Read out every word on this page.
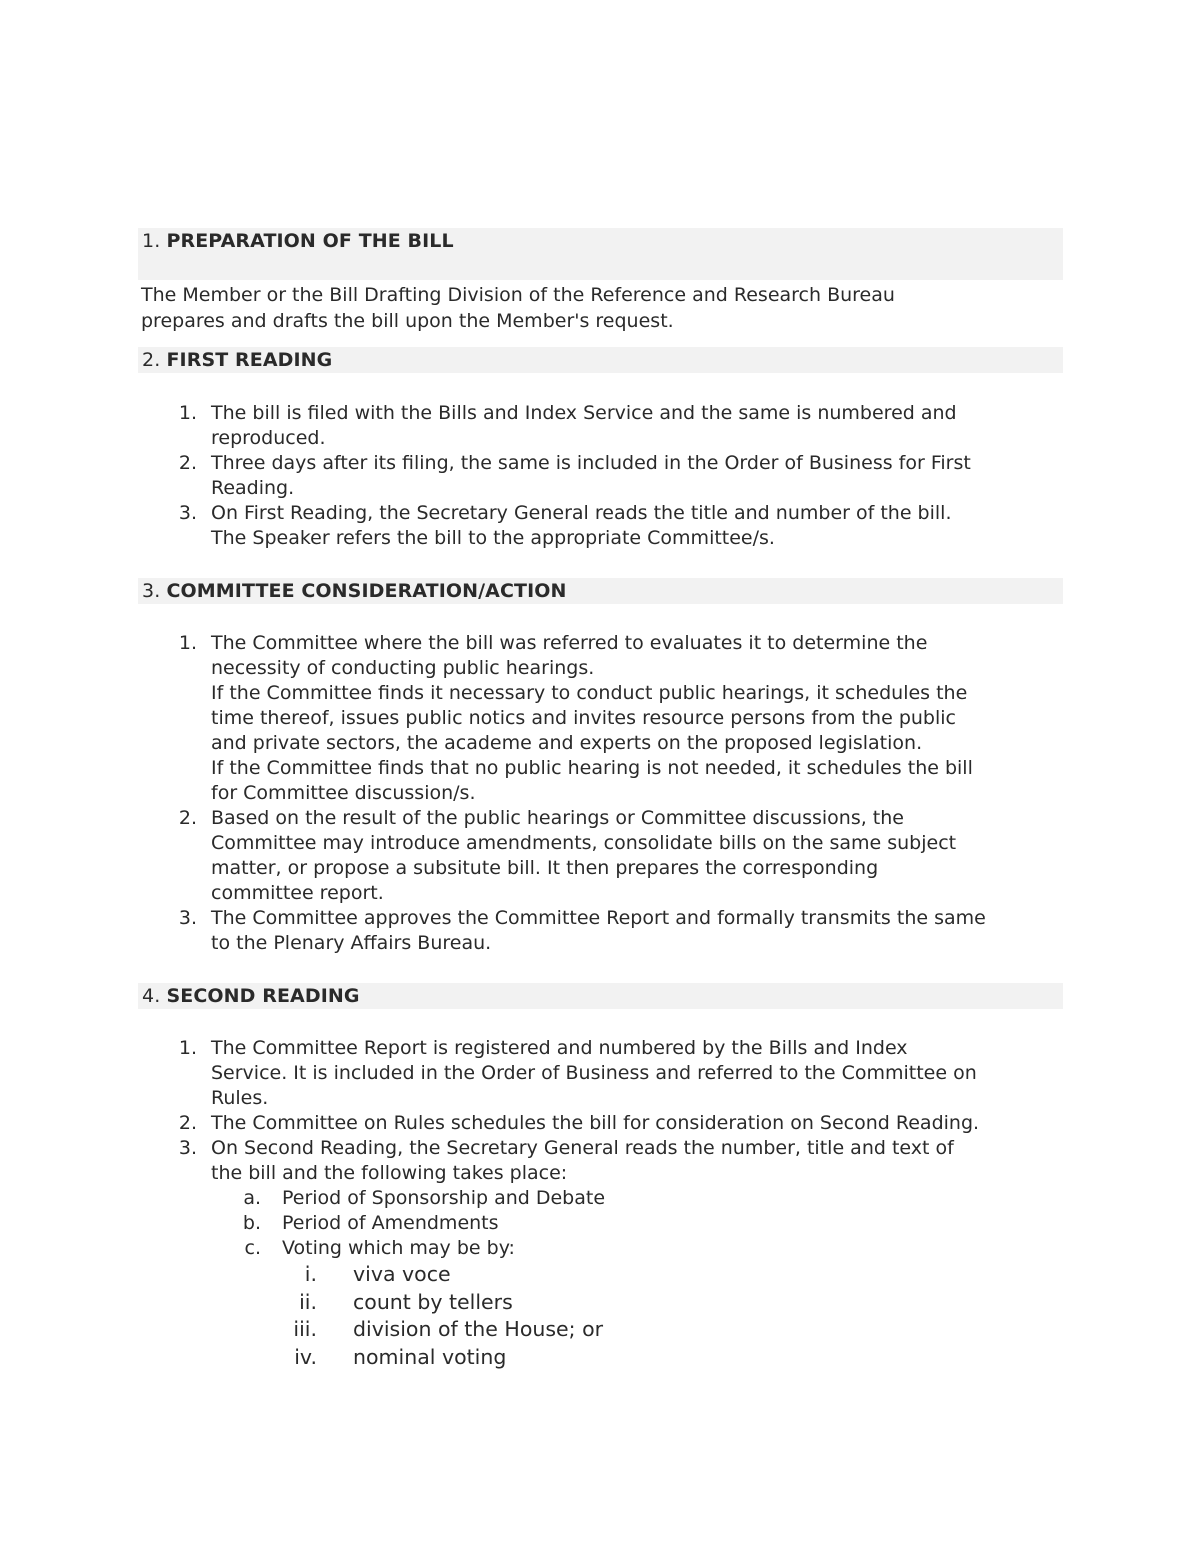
1. PREPARATION OF THE BILL

The Member or the Bill Drafting Division of the Reference and Research Bureau
prepares and drafts the bill upon the Member's request.

2. FIRST READING
1. The bill is filed with the Bills and Index Service and the same is numbered and
reproduced.
2. Three days after its filing, the same is included in the Order of Business for First
Reading.
3. On First Reading, the Secretary General reads the title and number of the bill.
The Speaker refers the bill to the appropriate Committee/s.
3. COMMITTEE CONSIDERATION/ACTION
1. The Committee where the bill was referred to evaluates it to determine the
necessity of conducting public hearings.
If the Committee finds it necessary to conduct public hearings, it schedules the
time thereof, issues public notics and invites resource persons from the public
and private sectors, the academe and experts on the proposed legislation.
If the Committee finds that no public hearing is not needed, it schedules the bill
for Committee discussion/s.
2. Based on the result of the public hearings or Committee discussions, the
Committee may introduce amendments, consolidate bills on the same subject
matter, or propose a subsitute bill. It then prepares the corresponding
committee report.
3. The Committee approves the Committee Report and formally transmits the same
to the Plenary Affairs Bureau.
4. SECOND READING
1. The Committee Report is registered and numbered by the Bills and Index
Service. It is included in the Order of Business and referred to the Committee on
Rules.
2. The Committee on Rules schedules the bill for consideration on Second Reading.
3. On Second Reading, the Secretary General reads the number, title and text of
the bill and the following takes place:
a. Period of Sponsorship and Debate
b. Period of Amendments
c. Voting which may be by:
i. viva voce
ii. count by tellers
iii. division of the House; or
iv. nominal voting
